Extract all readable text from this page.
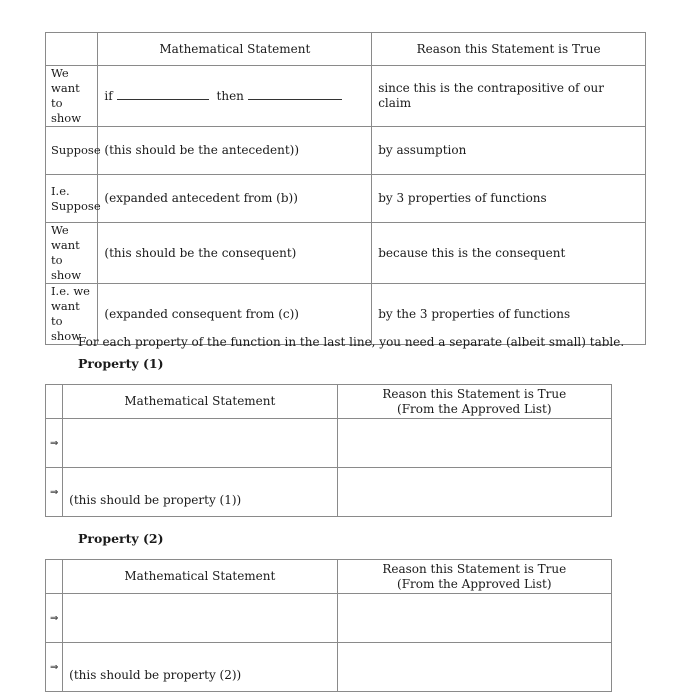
	Mathematical Statement	Reason this Statement is True
We want to show	if then	since this is the contrapositive of our claim
Suppose	(this should be the antecedent))	by assumption
I.e. Suppose	(expanded antecedent from (b))	by 3 properties of functions
We want to show	(this should be the consequent)	because this is the consequent
I.e. we want to show	(expanded consequent from (c))	by the 3 properties of functions
For each property of the function in the last line, you need a separate (albeit small) table.
Property (1)
	Mathematical Statement	Reason this Statement is True
(From the Approved List)

⇒		
⇒	(this should be property (1))	
Property (2)
	Mathematical Statement	Reason this Statement is True
(From the Approved List)

⇒		
⇒	(this should be property (2))	
